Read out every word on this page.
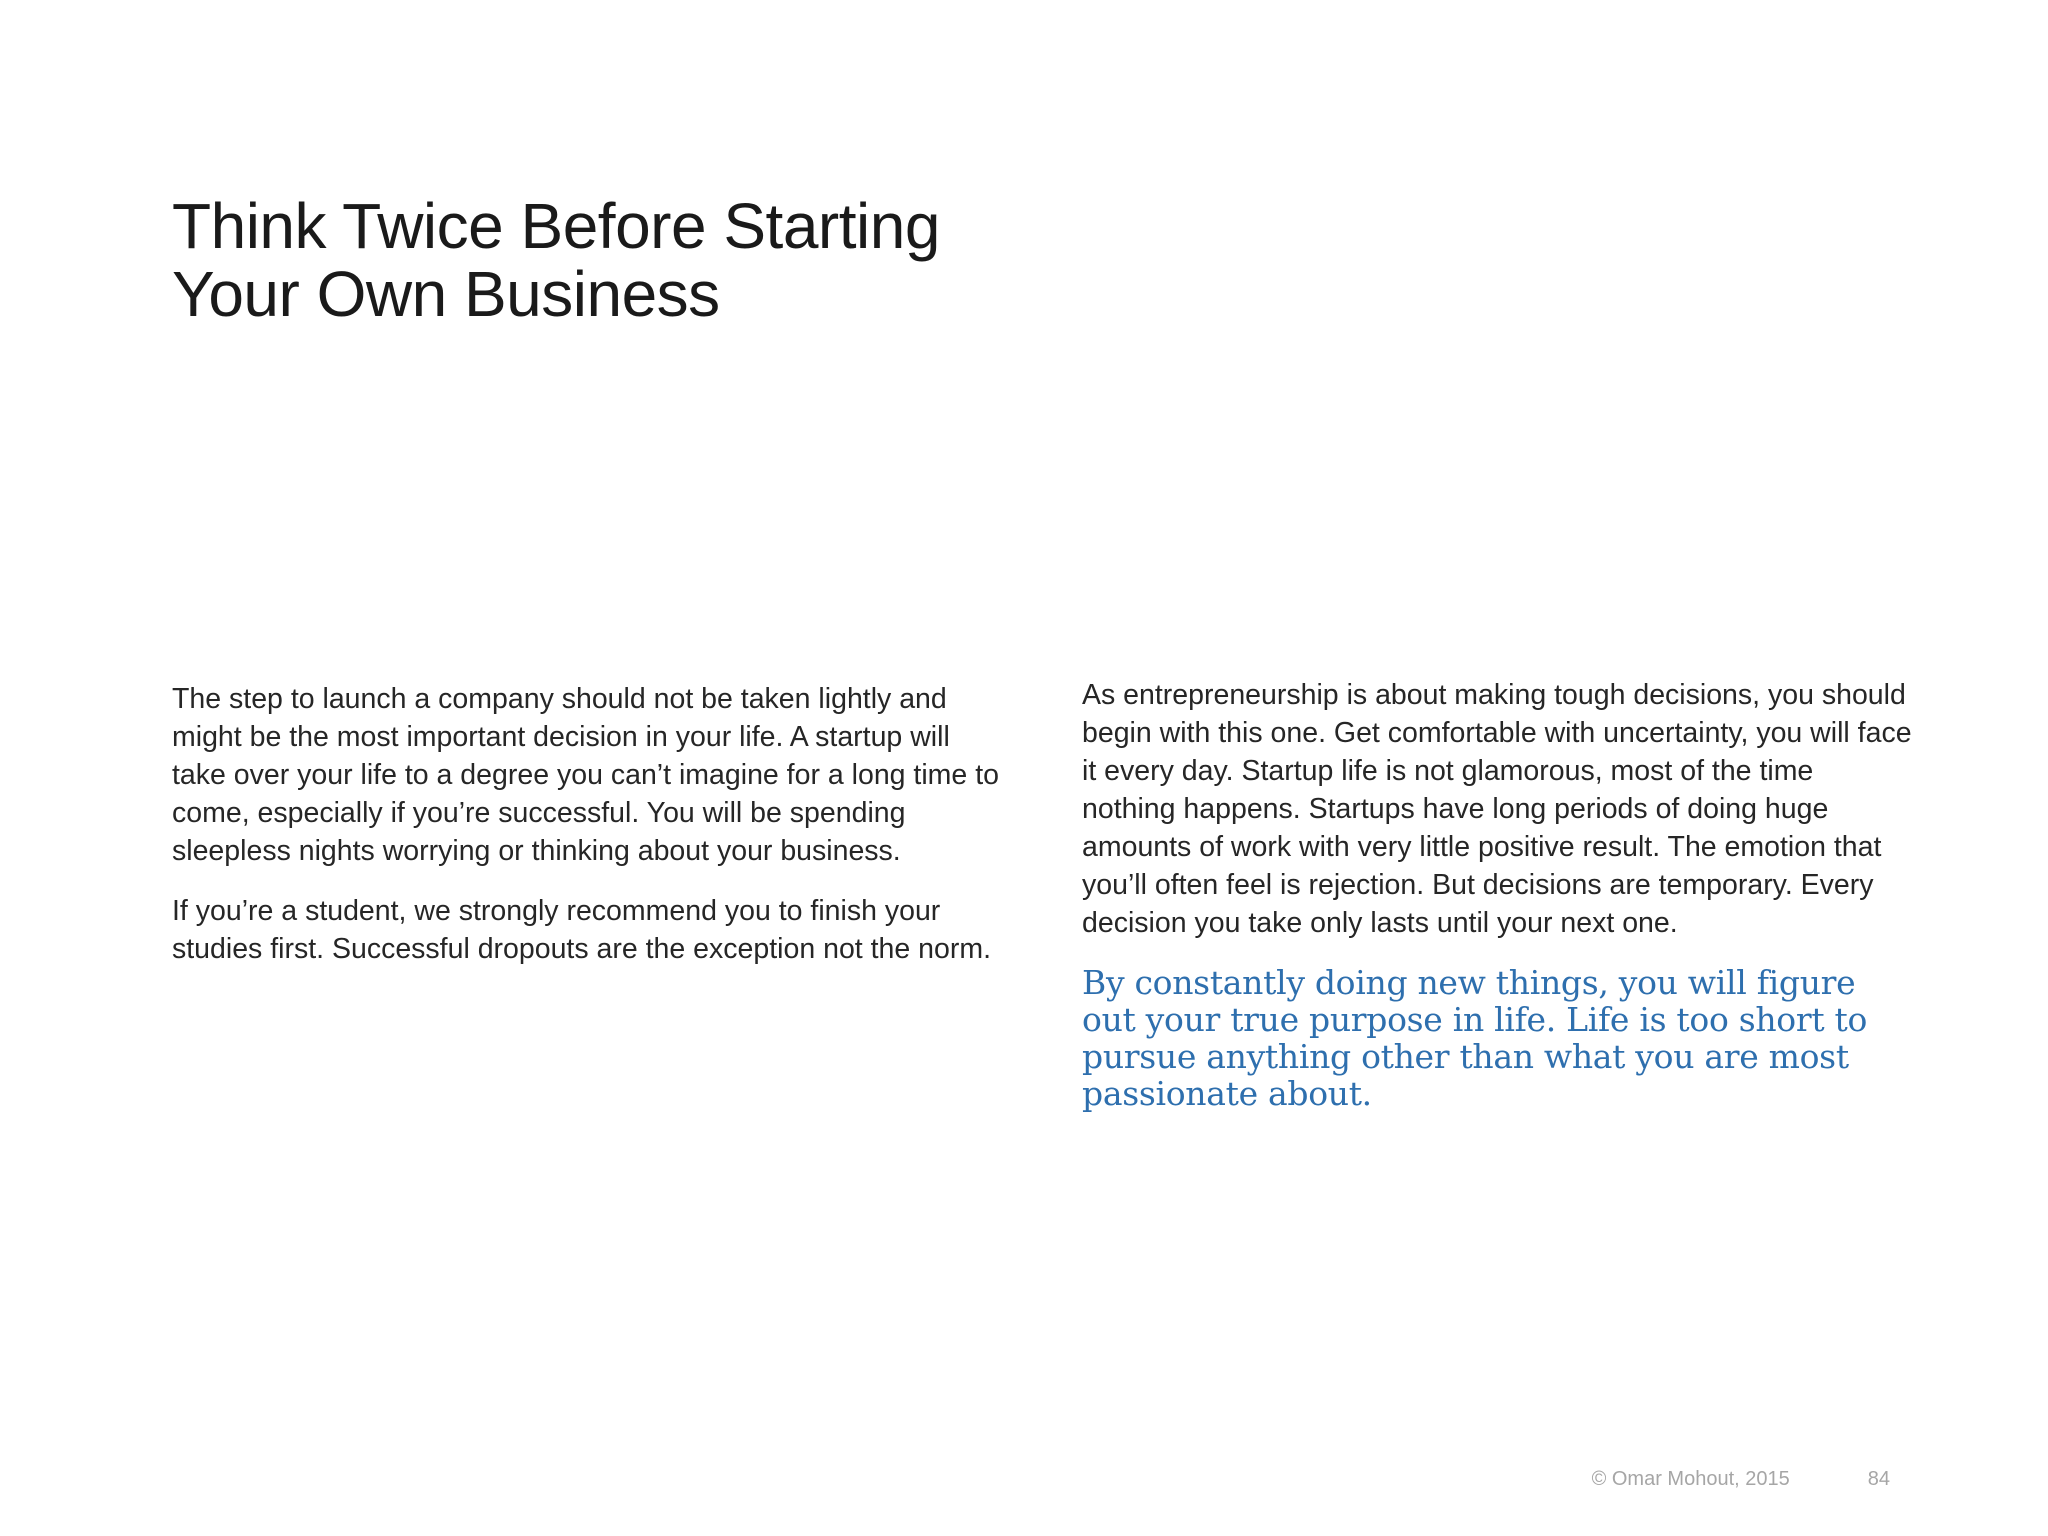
Think Twice Before Starting
Your Own Business

The step to launch a company should not be taken lightly and might be the most important decision in your life. A startup will take over your life to a degree you can’t imagine for a long time to come, especially if you’re successful. You will be spending sleepless nights worrying or thinking about your business.

If you’re a student, we strongly recommend you to finish your studies first. Successful dropouts are the exception not the norm.

As entrepreneurship is about making tough decisions, you should begin with this one. Get comfortable with uncertainty, you will face it every day. Startup life is not glamorous, most of the time nothing happens. Startups have long periods of doing huge amounts of work with very little positive result. The emotion that you’ll often feel is rejection. But decisions are temporary. Every decision you take only lasts until your next one.

By constantly doing new things, you will figure out your true purpose in life. Life is too short to pursue anything other than what you are most passionate about.

© Omar Mohout, 2015	84
